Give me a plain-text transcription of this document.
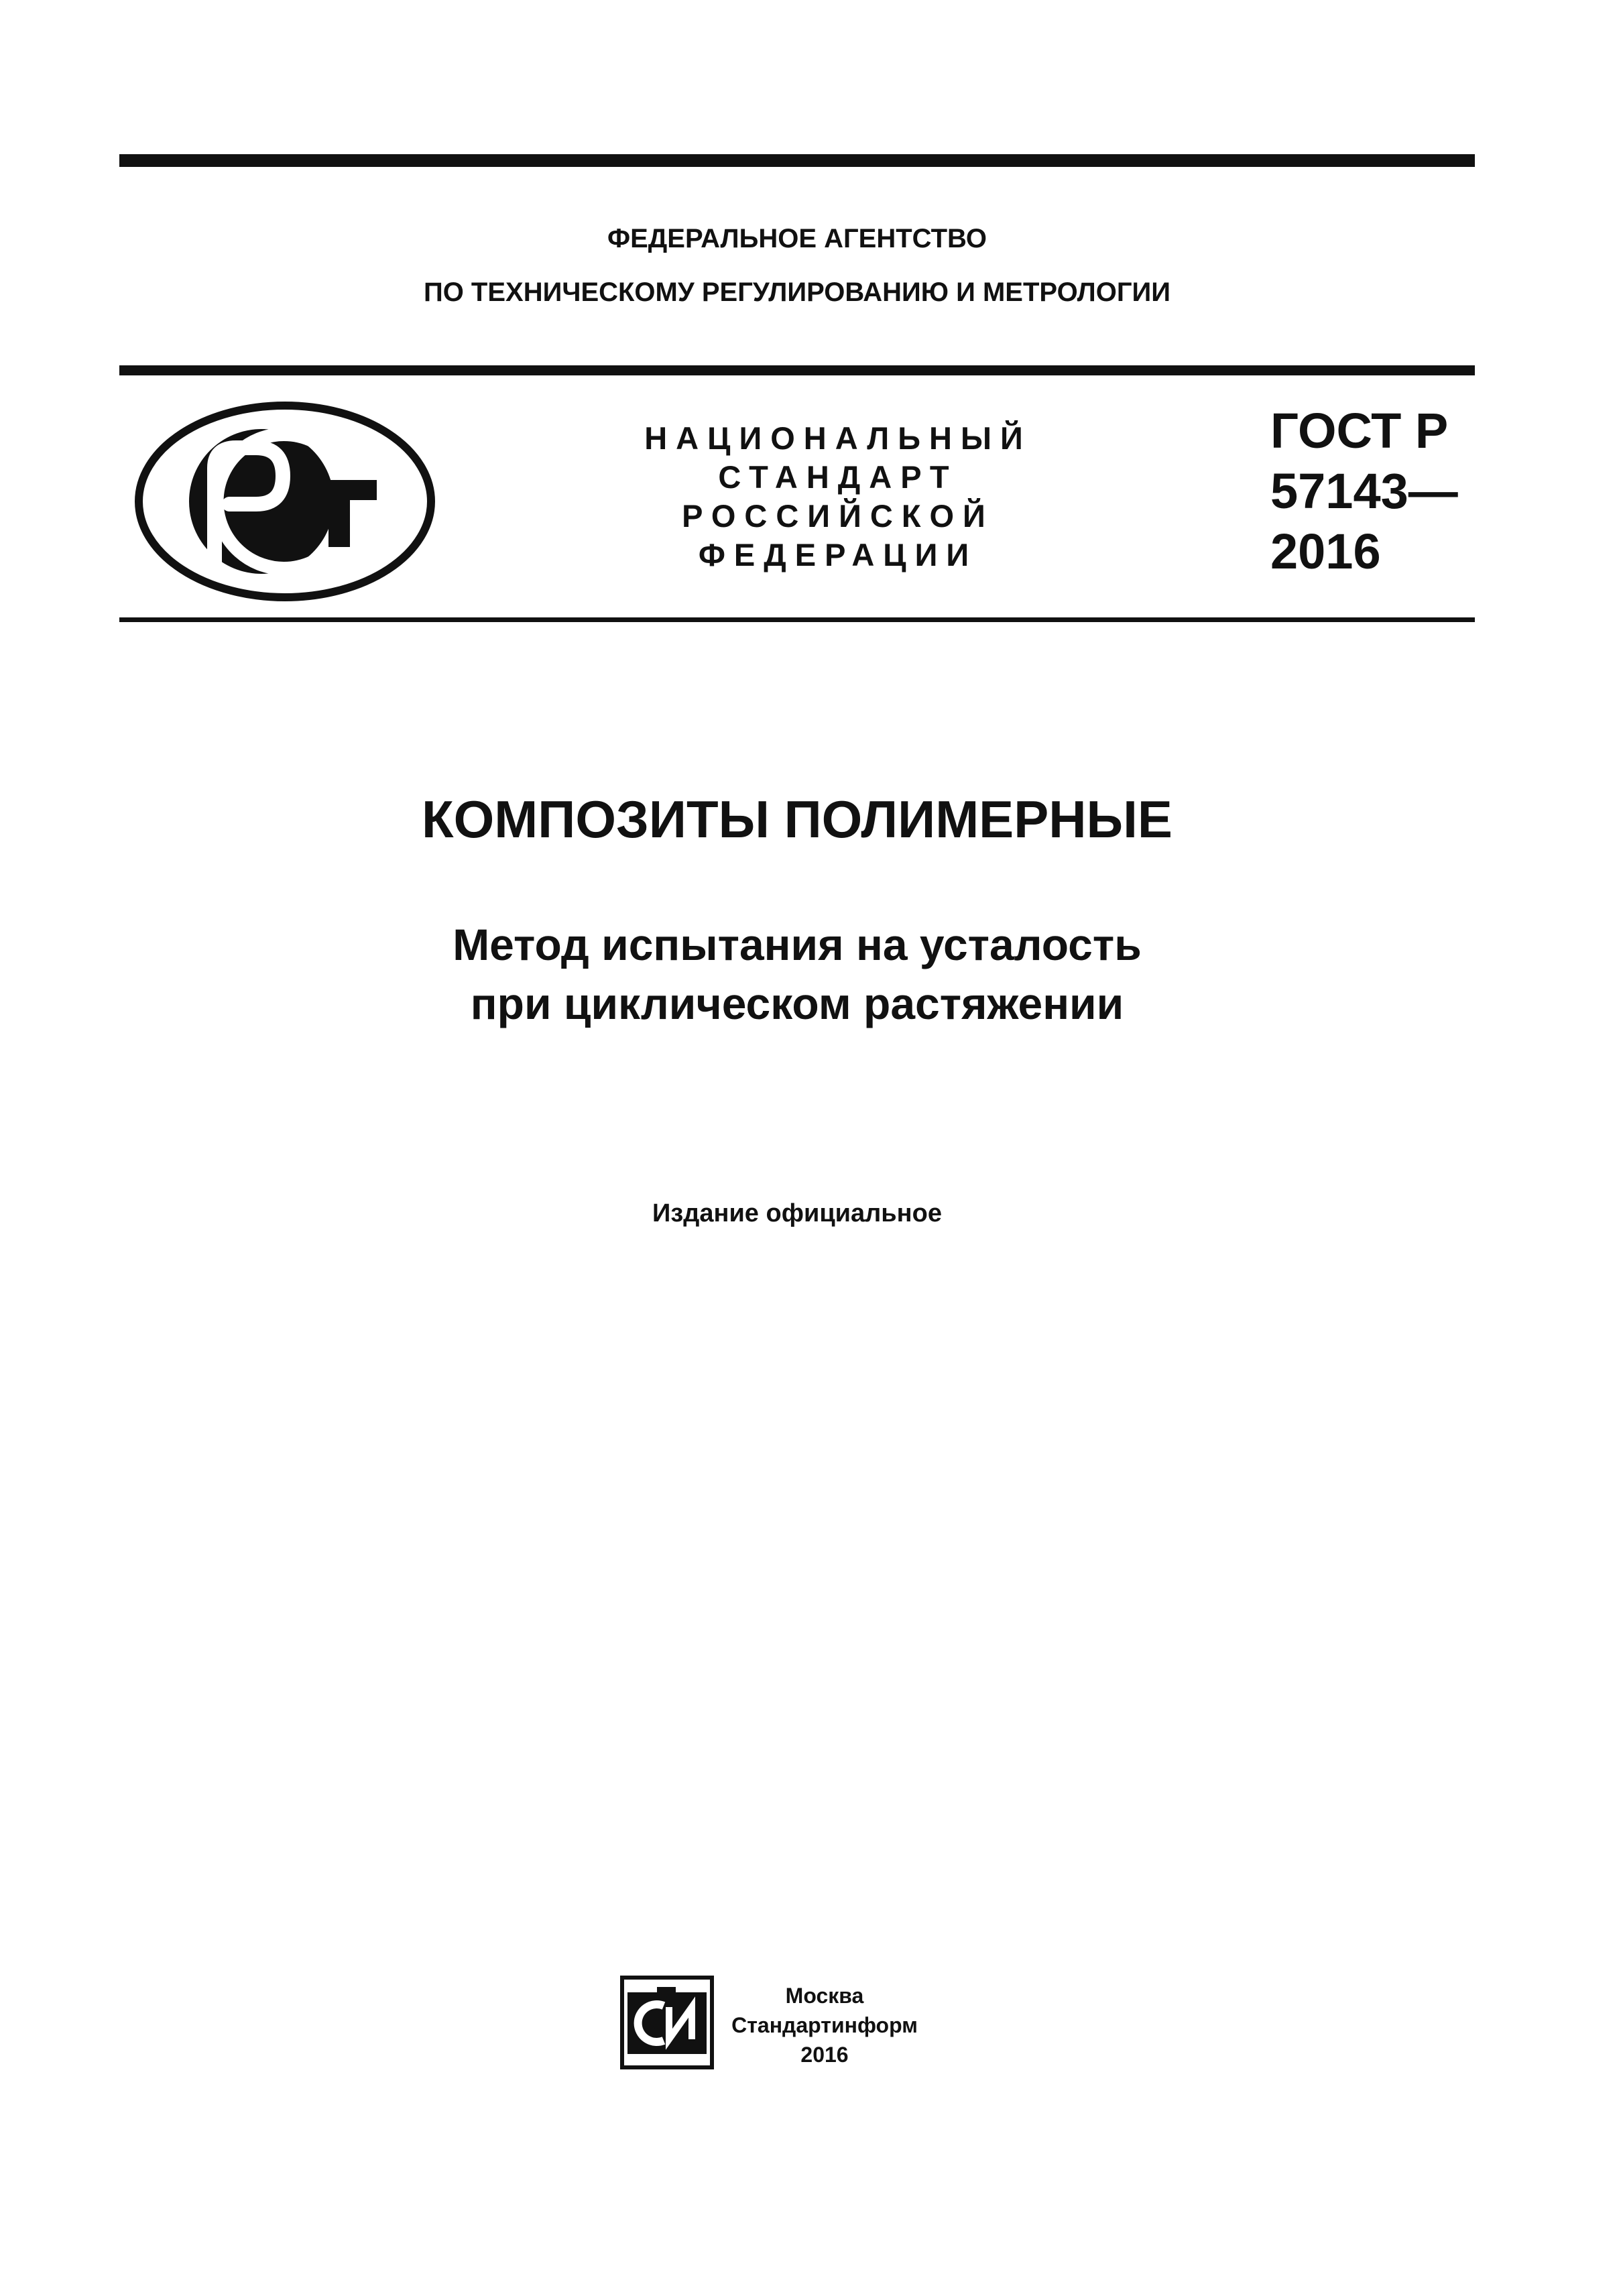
ФЕДЕРАЛЬНОЕ АГЕНТСТВО
ПО ТЕХНИЧЕСКОМУ РЕГУЛИРОВАНИЮ И МЕТРОЛОГИИ
НАЦИОНАЛЬНЫЙ
СТАНДАРТ
РОССИЙСКОЙ
ФЕДЕРАЦИИ
ГОСТ Р
57143—
2016
КОМПОЗИТЫ ПОЛИМЕРНЫЕ
Метод испытания на усталость
при циклическом растяжении
Издание официальное
Москва
Стандартинформ
2016
